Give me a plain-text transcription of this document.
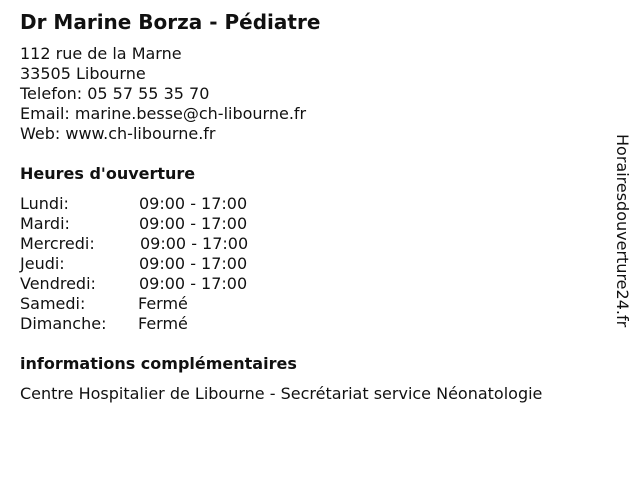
Dr Marine Borza - Pédiatre
112 rue de la Marne
33505 Libourne
Telefon: 05 57 55 35 70
Email: marine.besse@ch-libourne.fr
Web: www.ch-libourne.fr
Heures d'ouverture
Lundi:	09:00 - 17:00
Mardi:	09:00 - 17:00
Mercredi:	09:00 - 17:00
Jeudi:	09:00 - 17:00
Vendredi:	09:00 - 17:00
Samedi:	Fermé
Dimanche: Fermé
informations complémentaires
Centre Hospitalier de Libourne - Secrétariat service Néonatologie
Horairesdouverture24.fr
